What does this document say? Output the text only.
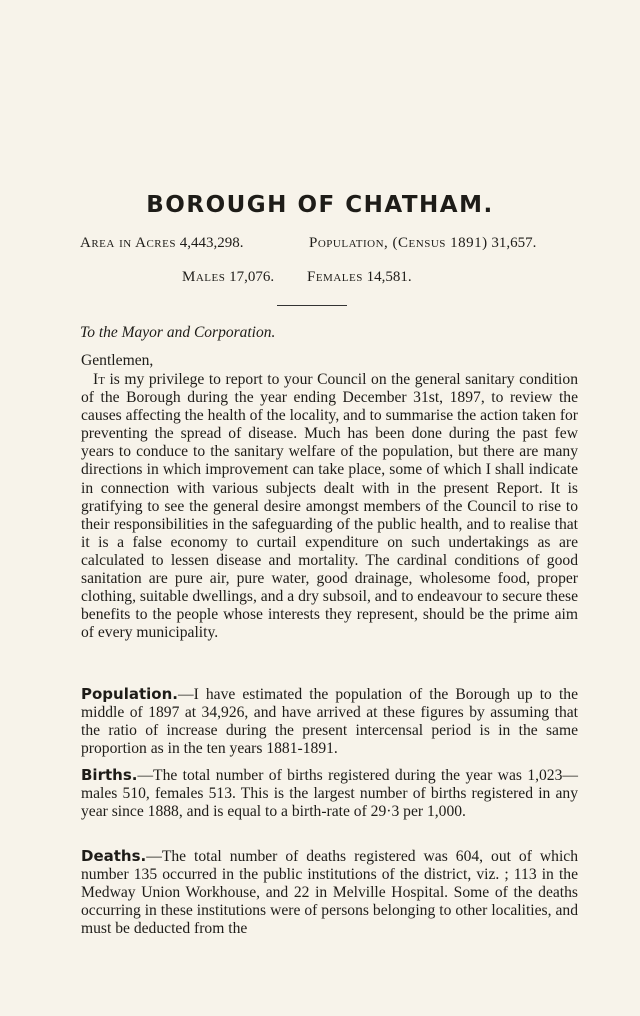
BOROUGH OF CHATHAM.

Area in Acres 4,443,298.	Population, (Census 1891) 31,657.

Males 17,076. Females 14,581.

To the Mayor and Corporation.

Gentlemen,

It is my privilege to report to your Council on the general sanitary condition of the Borough during the year ending December 31st, 1897, to review the causes affecting the health of the locality, and to summarise the action taken for preventing the spread of disease. Much has been done during the past few years to conduce to the sanitary welfare of the population, but there are many directions in which improvement can take place, some of which I shall indicate in connection with various subjects dealt with in the present Report. It is gratifying to see the general desire amongst members of the Council to rise to their responsibilities in the safeguarding of the public health, and to realise that it is a false economy to curtail expenditure on such undertakings as are calculated to lessen disease and mortality. The cardinal conditions of good sanitation are pure air, pure water, good drainage, wholesome food, proper clothing, suitable dwellings, and a dry subsoil, and to endeavour to secure these benefits to the people whose interests they represent, should be the prime aim of every municipality.

Population.—I have estimated the population of the Borough up to the middle of 1897 at 34,926, and have arrived at these figures by assuming that the ratio of increase during the present intercensal period is in the same proportion as in the ten years 1881-1891.

Births.—The total number of births registered during the year was 1,023—males 510, females 513. This is the largest number of births registered in any year since 1888, and is equal to a birth-rate of 29·3 per 1,000.

Deaths.—The total number of deaths registered was 604, out of which number 135 occurred in the public institutions of the district, viz. ; 113 in the Medway Union Workhouse, and 22 in Melville Hospital. Some of the deaths occurring in these institutions were of persons belonging to other localities, and must be deducted from the
